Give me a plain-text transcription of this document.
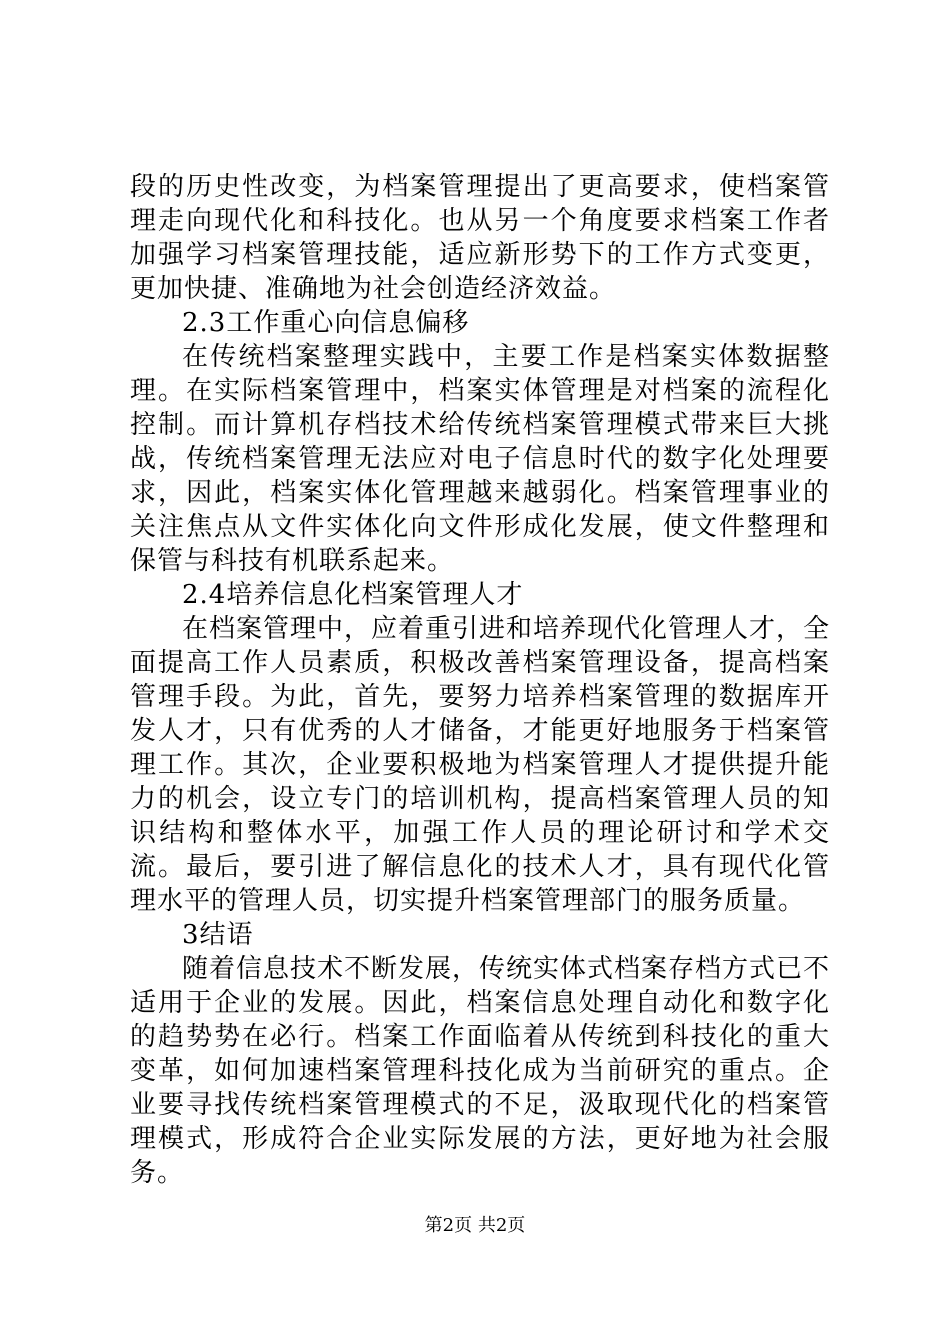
段的历史性改变，为档案管理提出了更高要求，使档案管理走向现代化和科技化。也从另一个角度要求档案工作者加强学习档案管理技能，适应新形势下的工作方式变更，更加快捷、准确地为社会创造经济效益。

2.3工作重心向信息偏移

在传统档案整理实践中，主要工作是档案实体数据整理。在实际档案管理中，档案实体管理是对档案的流程化控制。而计算机存档技术给传统档案管理模式带来巨大挑战，传统档案管理无法应对电子信息时代的数字化处理要求，因此，档案实体化管理越来越弱化。档案管理事业的关注焦点从文件实体化向文件形成化发展，使文件整理和保管与科技有机联系起来。

2.4培养信息化档案管理人才

在档案管理中，应着重引进和培养现代化管理人才，全面提高工作人员素质，积极改善档案管理设备，提高档案管理手段。为此，首先，要努力培养档案管理的数据库开发人才，只有优秀的人才储备，才能更好地服务于档案管理工作。其次，企业要积极地为档案管理人才提供提升能力的机会，设立专门的培训机构，提高档案管理人员的知识结构和整体水平，加强工作人员的理论研讨和学术交流。最后，要引进了解信息化的技术人才，具有现代化管理水平的管理人员，切实提升档案管理部门的服务质量。

3结语

随着信息技术不断发展，传统实体式档案存档方式已不适用于企业的发展。因此，档案信息处理自动化和数字化的趋势势在必行。档案工作面临着从传统到科技化的重大变革，如何加速档案管理科技化成为当前研究的重点。企业要寻找传统档案管理模式的不足，汲取现代化的档案管理模式，形成符合企业实际发展的方法，更好地为社会服务。

第2页 共2页
